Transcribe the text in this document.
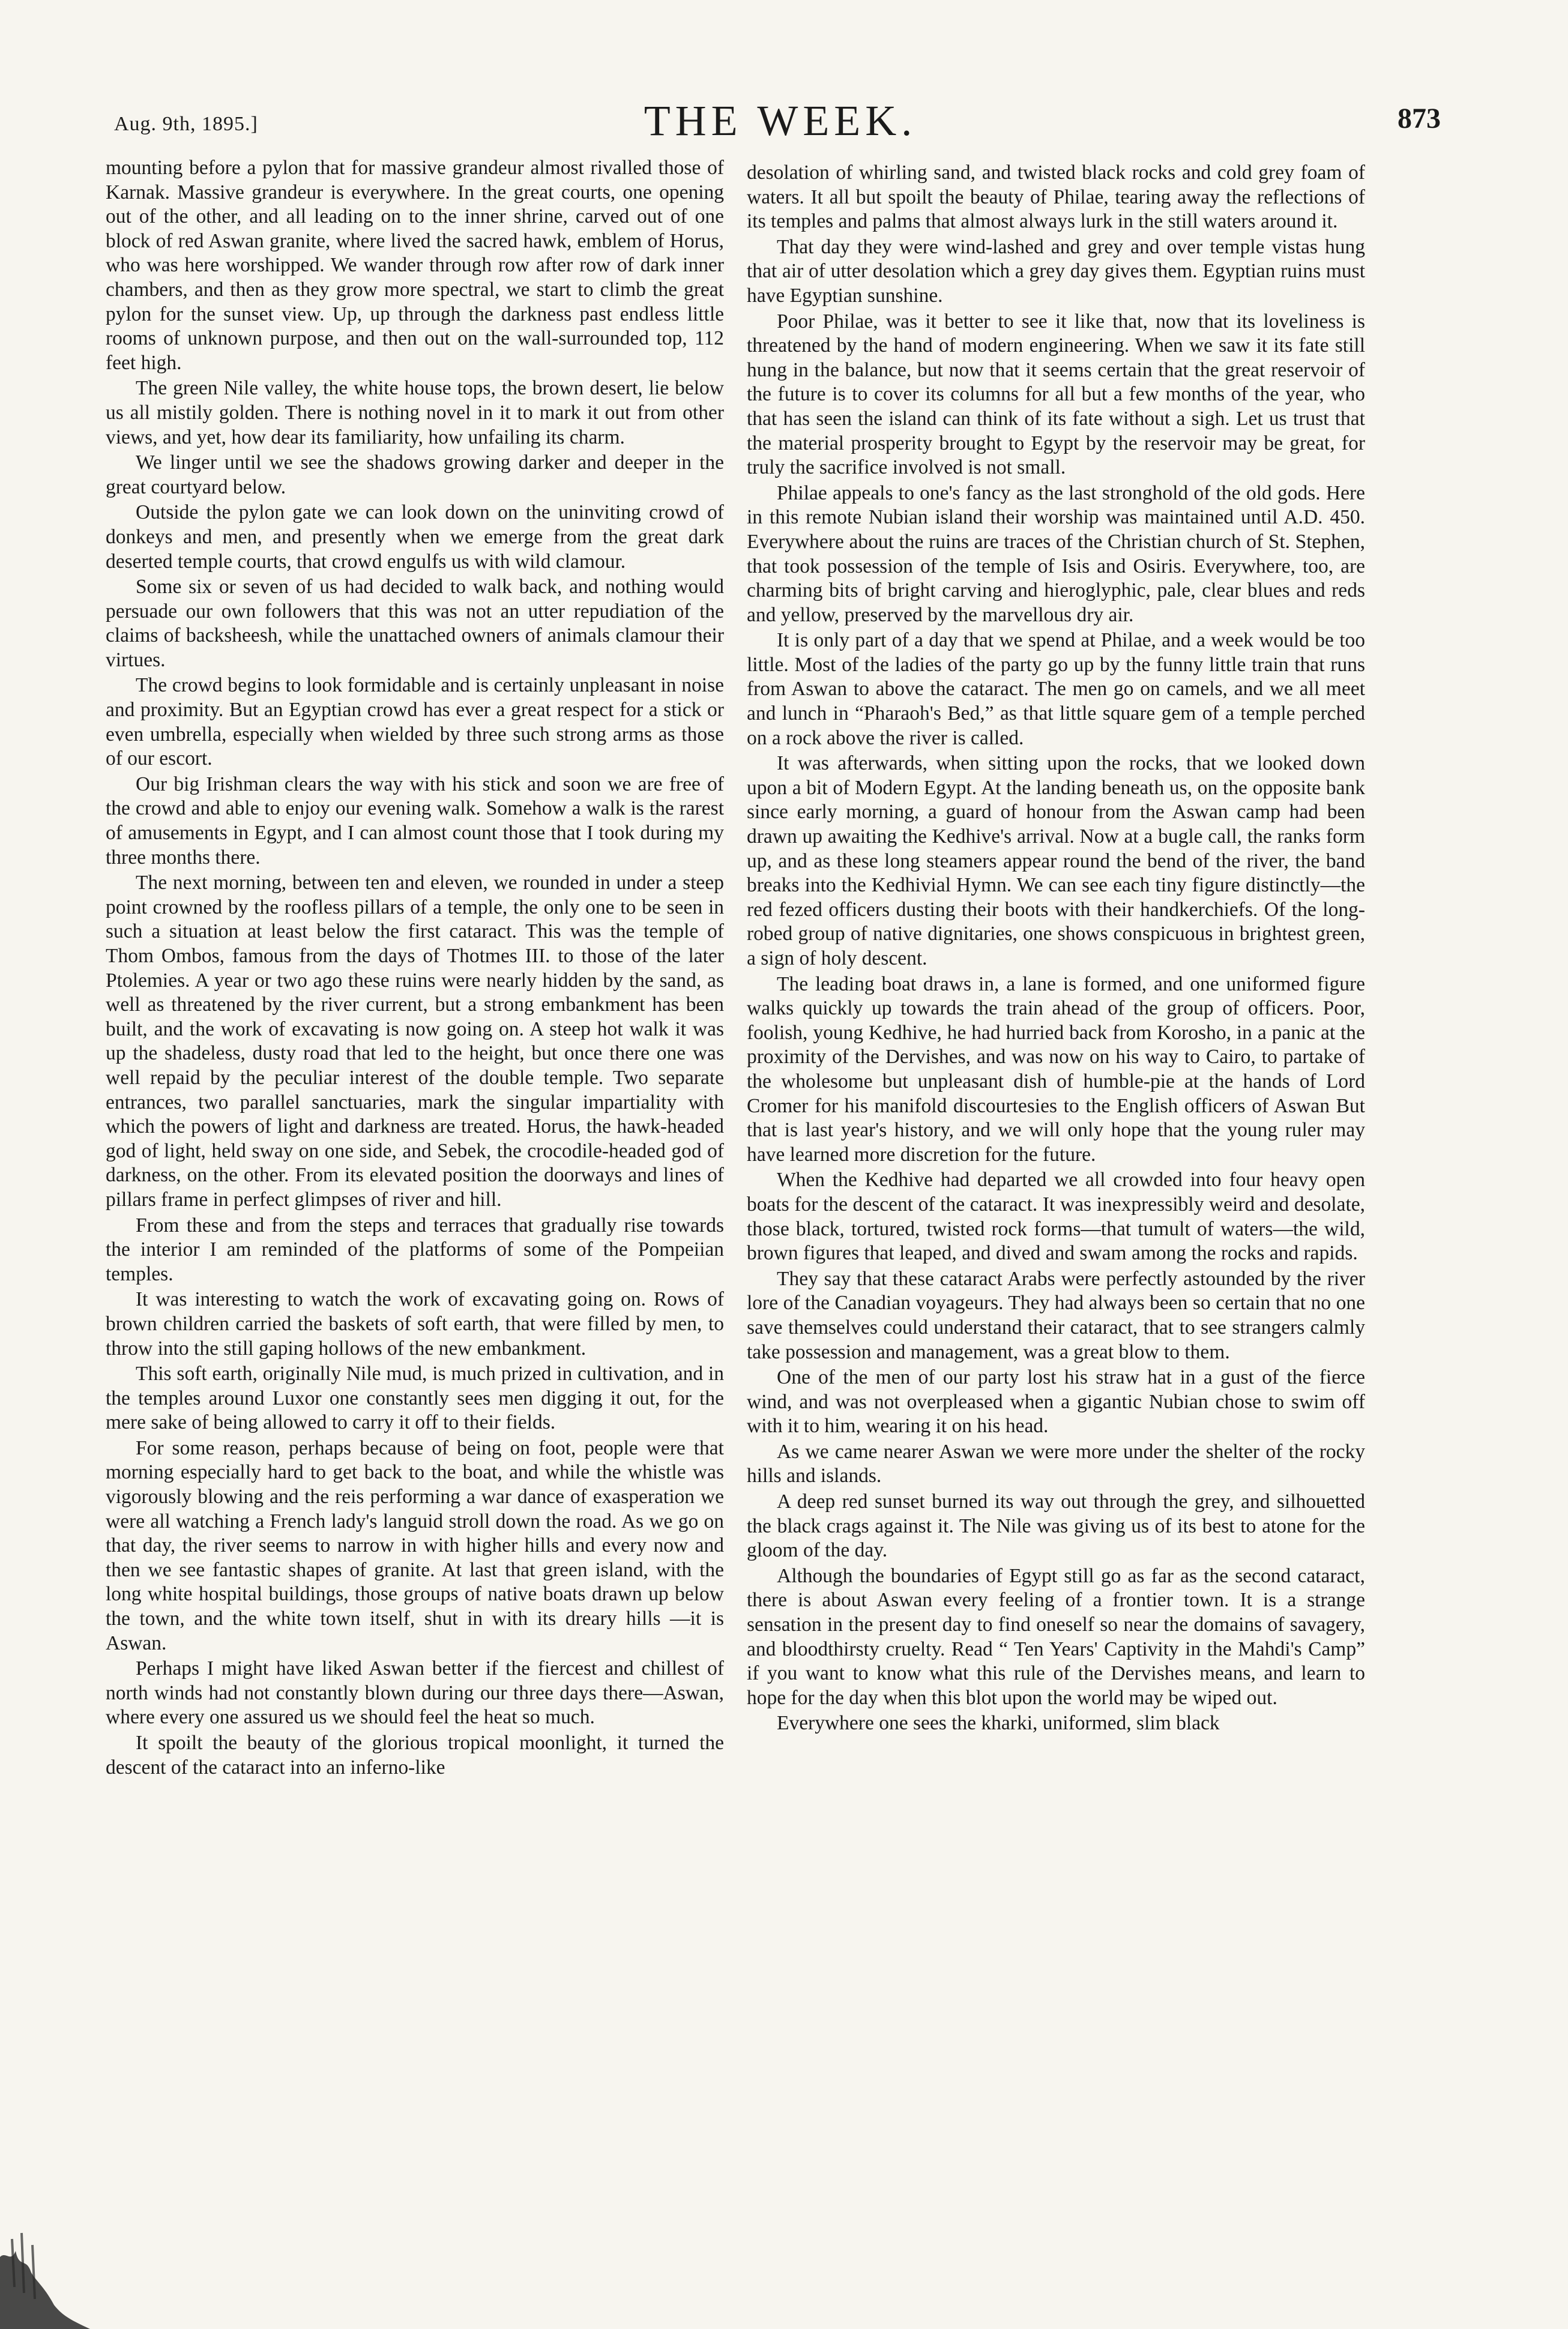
Aug. 9th, 1895.]	THE WEEK.	873

mounting before a pylon that for massive grandeur almost rivalled those of Karnak. Massive grandeur is everywhere. In the great courts, one opening out of the other, and all leading on to the inner shrine, carved out of one block of red Aswan granite, where lived the sacred hawk, emblem of Horus, who was here worshipped. We wander through row after row of dark inner chambers, and then as they grow more spectral, we start to climb the great pylon for the sunset view. Up, up through the darkness past endless little rooms of unknown purpose, and then out on the wall-surrounded top, 112 feet high.

The green Nile valley, the white house tops, the brown desert, lie below us all mistily golden. There is nothing novel in it to mark it out from other views, and yet, how dear its familiarity, how unfailing its charm.

We linger until we see the shadows growing darker and deeper in the great courtyard below.

Outside the pylon gate we can look down on the uninviting crowd of donkeys and men, and presently when we emerge from the great dark deserted temple courts, that crowd engulfs us with wild clamour.

Some six or seven of us had decided to walk back, and nothing would persuade our own followers that this was not an utter repudiation of the claims of backsheesh, while the unattached owners of animals clamour their virtues.

The crowd begins to look formidable and is certainly unpleasant in noise and proximity. But an Egyptian crowd has ever a great respect for a stick or even umbrella, especially when wielded by three such strong arms as those of our escort.

Our big Irishman clears the way with his stick and soon we are free of the crowd and able to enjoy our evening walk. Somehow a walk is the rarest of amusements in Egypt, and I can almost count those that I took during my three months there.

The next morning, between ten and eleven, we rounded in under a steep point crowned by the roofless pillars of a temple, the only one to be seen in such a situation at least below the first cataract. This was the temple of Thom Ombos, famous from the days of Thotmes III. to those of the later Ptolemies. A year or two ago these ruins were nearly hidden by the sand, as well as threatened by the river current, but a strong embankment has been built, and the work of excavating is now going on. A steep hot walk it was up the shadeless, dusty road that led to the height, but once there one was well repaid by the peculiar interest of the double temple. Two separate entrances, two parallel sanctuaries, mark the singular impartiality with which the powers of light and darkness are treated. Horus, the hawk-headed god of light, held sway on one side, and Sebek, the crocodile-headed god of darkness, on the other. From its elevated position the doorways and lines of pillars frame in perfect glimpses of river and hill.

From these and from the steps and terraces that gradually rise towards the interior I am reminded of the platforms of some of the Pompeiian temples.

It was interesting to watch the work of excavating going on. Rows of brown children carried the baskets of soft earth, that were filled by men, to throw into the still gaping hollows of the new embankment.

This soft earth, originally Nile mud, is much prized in cultivation, and in the temples around Luxor one constantly sees men digging it out, for the mere sake of being allowed to carry it off to their fields.

For some reason, perhaps because of being on foot, people were that morning especially hard to get back to the boat, and while the whistle was vigorously blowing and the reis performing a war dance of exasperation we were all watching a French lady's languid stroll down the road. As we go on that day, the river seems to narrow in with higher hills and every now and then we see fantastic shapes of granite. At last that green island, with the long white hospital buildings, those groups of native boats drawn up below the town, and the white town itself, shut in with its dreary hills —it is Aswan.

Perhaps I might have liked Aswan better if the fiercest and chillest of north winds had not constantly blown during our three days there—Aswan, where every one assured us we should feel the heat so much.

It spoilt the beauty of the glorious tropical moonlight, it turned the descent of the cataract into an inferno-like

desolation of whirling sand, and twisted black rocks and cold grey foam of waters. It all but spoilt the beauty of Philae, tearing away the reflections of its temples and palms that almost always lurk in the still waters around it.

That day they were wind-lashed and grey and over temple vistas hung that air of utter desolation which a grey day gives them. Egyptian ruins must have Egyptian sunshine.

Poor Philae, was it better to see it like that, now that its loveliness is threatened by the hand of modern engineering. When we saw it its fate still hung in the balance, but now that it seems certain that the great reservoir of the future is to cover its columns for all but a few months of the year, who that has seen the island can think of its fate without a sigh. Let us trust that the material prosperity brought to Egypt by the reservoir may be great, for truly the sacrifice involved is not small.

Philae appeals to one's fancy as the last stronghold of the old gods. Here in this remote Nubian island their worship was maintained until A.D. 450. Everywhere about the ruins are traces of the Christian church of St. Stephen, that took possession of the temple of Isis and Osiris. Everywhere, too, are charming bits of bright carving and hieroglyphic, pale, clear blues and reds and yellow, preserved by the marvellous dry air.

It is only part of a day that we spend at Philae, and a week would be too little. Most of the ladies of the party go up by the funny little train that runs from Aswan to above the cataract. The men go on camels, and we all meet and lunch in “Pharaoh's Bed,” as that little square gem of a temple perched on a rock above the river is called.

It was afterwards, when sitting upon the rocks, that we looked down upon a bit of Modern Egypt. At the landing beneath us, on the opposite bank since early morning, a guard of honour from the Aswan camp had been drawn up awaiting the Kedhive's arrival. Now at a bugle call, the ranks form up, and as these long steamers appear round the bend of the river, the band breaks into the Kedhivial Hymn. We can see each tiny figure distinctly—the red fezed officers dusting their boots with their handkerchiefs. Of the long-robed group of native dignitaries, one shows conspicuous in brightest green, a sign of holy descent.

The leading boat draws in, a lane is formed, and one uniformed figure walks quickly up towards the train ahead of the group of officers. Poor, foolish, young Kedhive, he had hurried back from Korosho, in a panic at the proximity of the Dervishes, and was now on his way to Cairo, to partake of the wholesome but unpleasant dish of humble-pie at the hands of Lord Cromer for his manifold discourtesies to the English officers of Aswan But that is last year's history, and we will only hope that the young ruler may have learned more discretion for the future.

When the Kedhive had departed we all crowded into four heavy open boats for the descent of the cataract. It was inexpressibly weird and desolate, those black, tortured, twisted rock forms—that tumult of waters—the wild, brown figures that leaped, and dived and swam among the rocks and rapids.

They say that these cataract Arabs were perfectly astounded by the river lore of the Canadian voyageurs. They had always been so certain that no one save themselves could understand their cataract, that to see strangers calmly take possession and management, was a great blow to them.

One of the men of our party lost his straw hat in a gust of the fierce wind, and was not overpleased when a gigantic Nubian chose to swim off with it to him, wearing it on his head.

As we came nearer Aswan we were more under the shelter of the rocky hills and islands.

A deep red sunset burned its way out through the grey, and silhouetted the black crags against it. The Nile was giving us of its best to atone for the gloom of the day.

Although the boundaries of Egypt still go as far as the second cataract, there is about Aswan every feeling of a frontier town. It is a strange sensation in the present day to find oneself so near the domains of savagery, and bloodthirsty cruelty. Read “ Ten Years' Captivity in the Mahdi's Camp” if you want to know what this rule of the Dervishes means, and learn to hope for the day when this blot upon the world may be wiped out.

Everywhere one sees the kharki, uniformed, slim black
